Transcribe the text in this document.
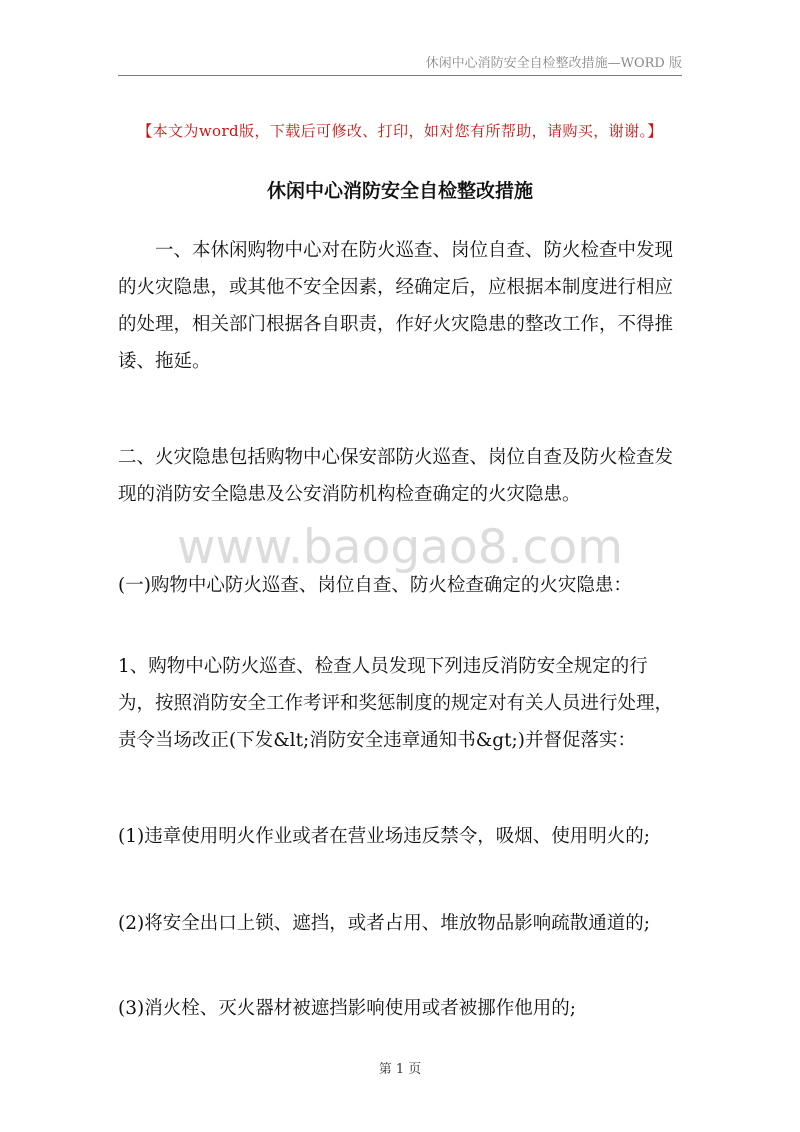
休闲中心消防安全自检整改措施—WORD 版
【本文为word版，下载后可修改、打印，如对您有所帮助，请购买，谢谢。】
休闲中心消防安全自检整改措施

一、本休闲购物中心对在防火巡查、岗位自查、防火检查中发现的火灾隐患，或其他不安全因素，经确定后，应根据本制度进行相应的处理，相关部门根据各自职责，作好火灾隐患的整改工作，不得推诿、拖延。

二、火灾隐患包括购物中心保安部防火巡查、岗位自查及防火检查发现的消防安全隐患及公安消防机构检查确定的火灾隐患。

www.baogao8.com

(一)购物中心防火巡查、岗位自查、防火检查确定的火灾隐患：

1、购物中心防火巡查、检查人员发现下列违反消防安全规定的行为，按照消防安全工作考评和奖惩制度的规定对有关人员进行处理，责令当场改正(下发&lt;消防安全违章通知书&gt;)并督促落实：

(1)违章使用明火作业或者在营业场违反禁令，吸烟、使用明火的;

(2)将安全出口上锁、遮挡，或者占用、堆放物品影响疏散通道的;

(3)消火栓、灭火器材被遮挡影响使用或者被挪作他用的;

第 1 页
